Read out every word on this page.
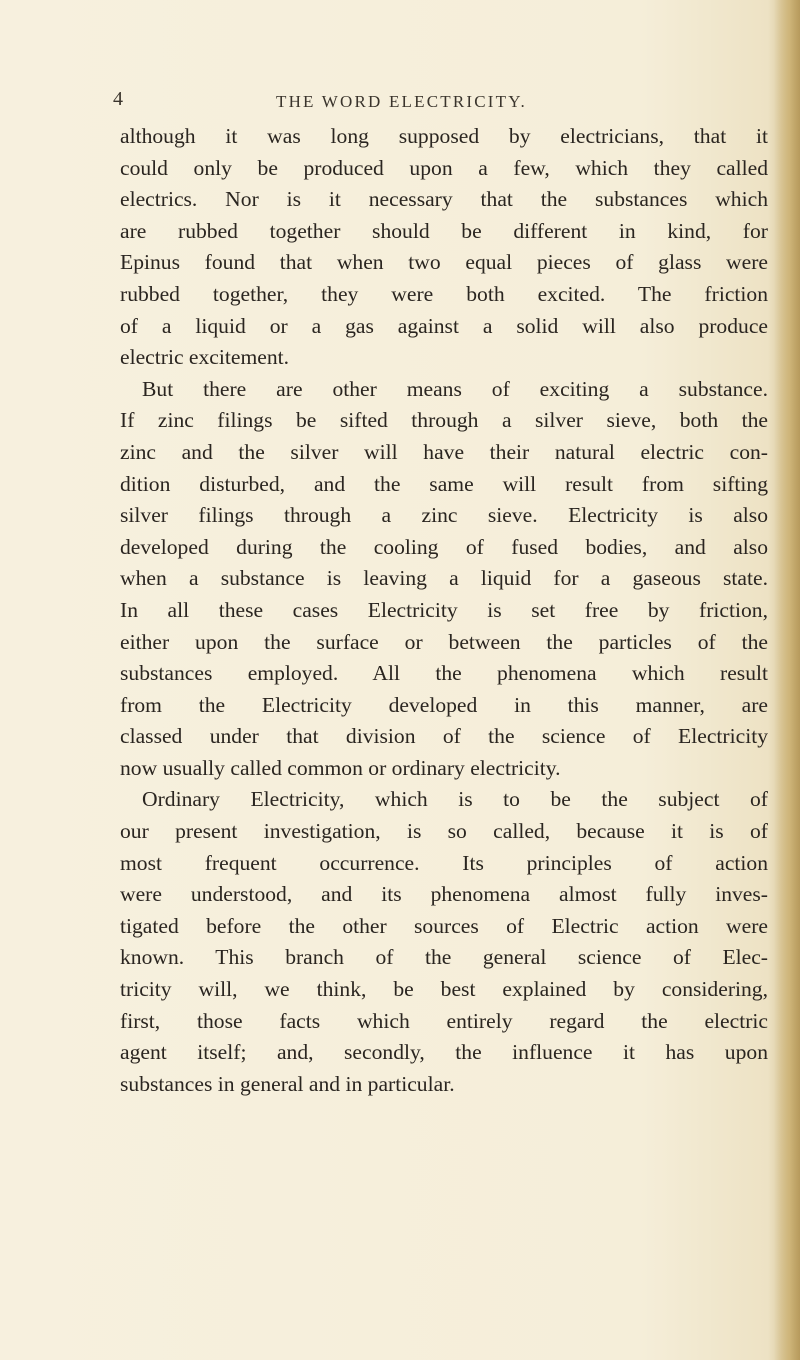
4	THE WORD ELECTRICITY.
although it was long supposed by electricians, that it
could only be produced upon a few, which they called
electrics. Nor is it necessary that the substances which
are rubbed together should be different in kind, for
Epinus found that when two equal pieces of glass were
rubbed together, they were both excited. The friction
of a liquid or a gas against a solid will also produce
electric excitement.
But there are other means of exciting a substance.
If zinc filings be sifted through a silver sieve, both the
zinc and the silver will have their natural electric con-
dition disturbed, and the same will result from sifting
silver filings through a zinc sieve. Electricity is also
developed during the cooling of fused bodies, and also
when a substance is leaving a liquid for a gaseous state.
In all these cases Electricity is set free by friction,
either upon the surface or between the particles of the
substances employed. All the phenomena which result
from the Electricity developed in this manner, are
classed under that division of the science of Electricity
now usually called common or ordinary electricity.
Ordinary Electricity, which is to be the subject of
our present investigation, is so called, because it is of
most frequent occurrence. Its principles of action
were understood, and its phenomena almost fully inves-
tigated before the other sources of Electric action were
known. This branch of the general science of Elec-
tricity will, we think, be best explained by considering,
first, those facts which entirely regard the electric
agent itself; and, secondly, the influence it has upon
substances in general and in particular.
